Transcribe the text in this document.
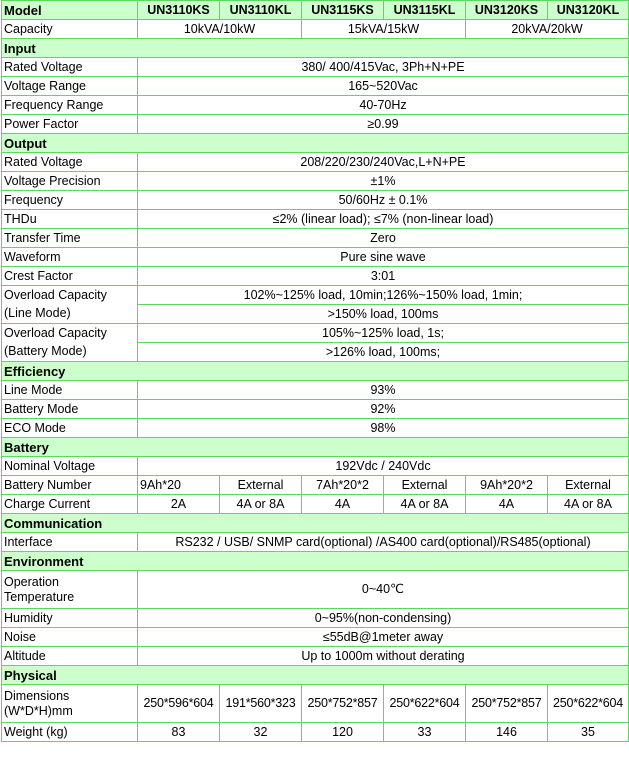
Model	UN3110KS	UN3110KL	UN3115KS	UN3115KL	UN3120KS	UN3120KL
Capacity	10kVA/10kW		15kVA/15kW		20kVA/20kW	
Input						
Rated Voltage	380/ 400/415Vac, 3Ph+N+PE					
Voltage Range	165~520Vac					
Frequency Range	40-70Hz					
Power Factor	≥0.99					
Output						
Rated Voltage	208/220/230/240Vac,L+N+PE					
Voltage Precision	±1%					
Frequency	50/60Hz ± 0.1%					
THDu	≤2% (linear load); ≤7% (non-linear load)					
Transfer Time	Zero					
Waveform	Pure sine wave					
Crest Factor	3:01					
Overload Capacity	102%~125% load, 10min;126%~150% load, 1min;					
(Line Mode)	>150% load, 100ms					
Overload Capacity	105%~125% load, 1s;					
(Battery Mode)	>126% load, 100ms;					
Efficiency						
Line Mode	93%					
Battery Mode	92%					
ECO Mode	98%					
Battery						
Nominal Voltage	192Vdc / 240Vdc					
Battery Number	9Ah*20	External	7Ah*20*2	External	9Ah*20*2	External
Charge Current	2A	4A or 8A	4A	4A or 8A	4A	4A or 8A
Communication						
Interface	RS232 / USB/ SNMP card(optional) /AS400 card(optional)/RS485(optional)					
Environment						

Operation
Temperature	0~40℃					
Humidity	0~95%(non-condensing)					
Noise	≤55dB@1meter away					
Altitude	Up to 1000m without derating					
Physical						

Dimensions
(W*D*H)mm	250*596*604	191*560*323	250*752*857	250*622*604	250*752*857	250*622*604
Weight (kg)	83	32	120	33	146	35
